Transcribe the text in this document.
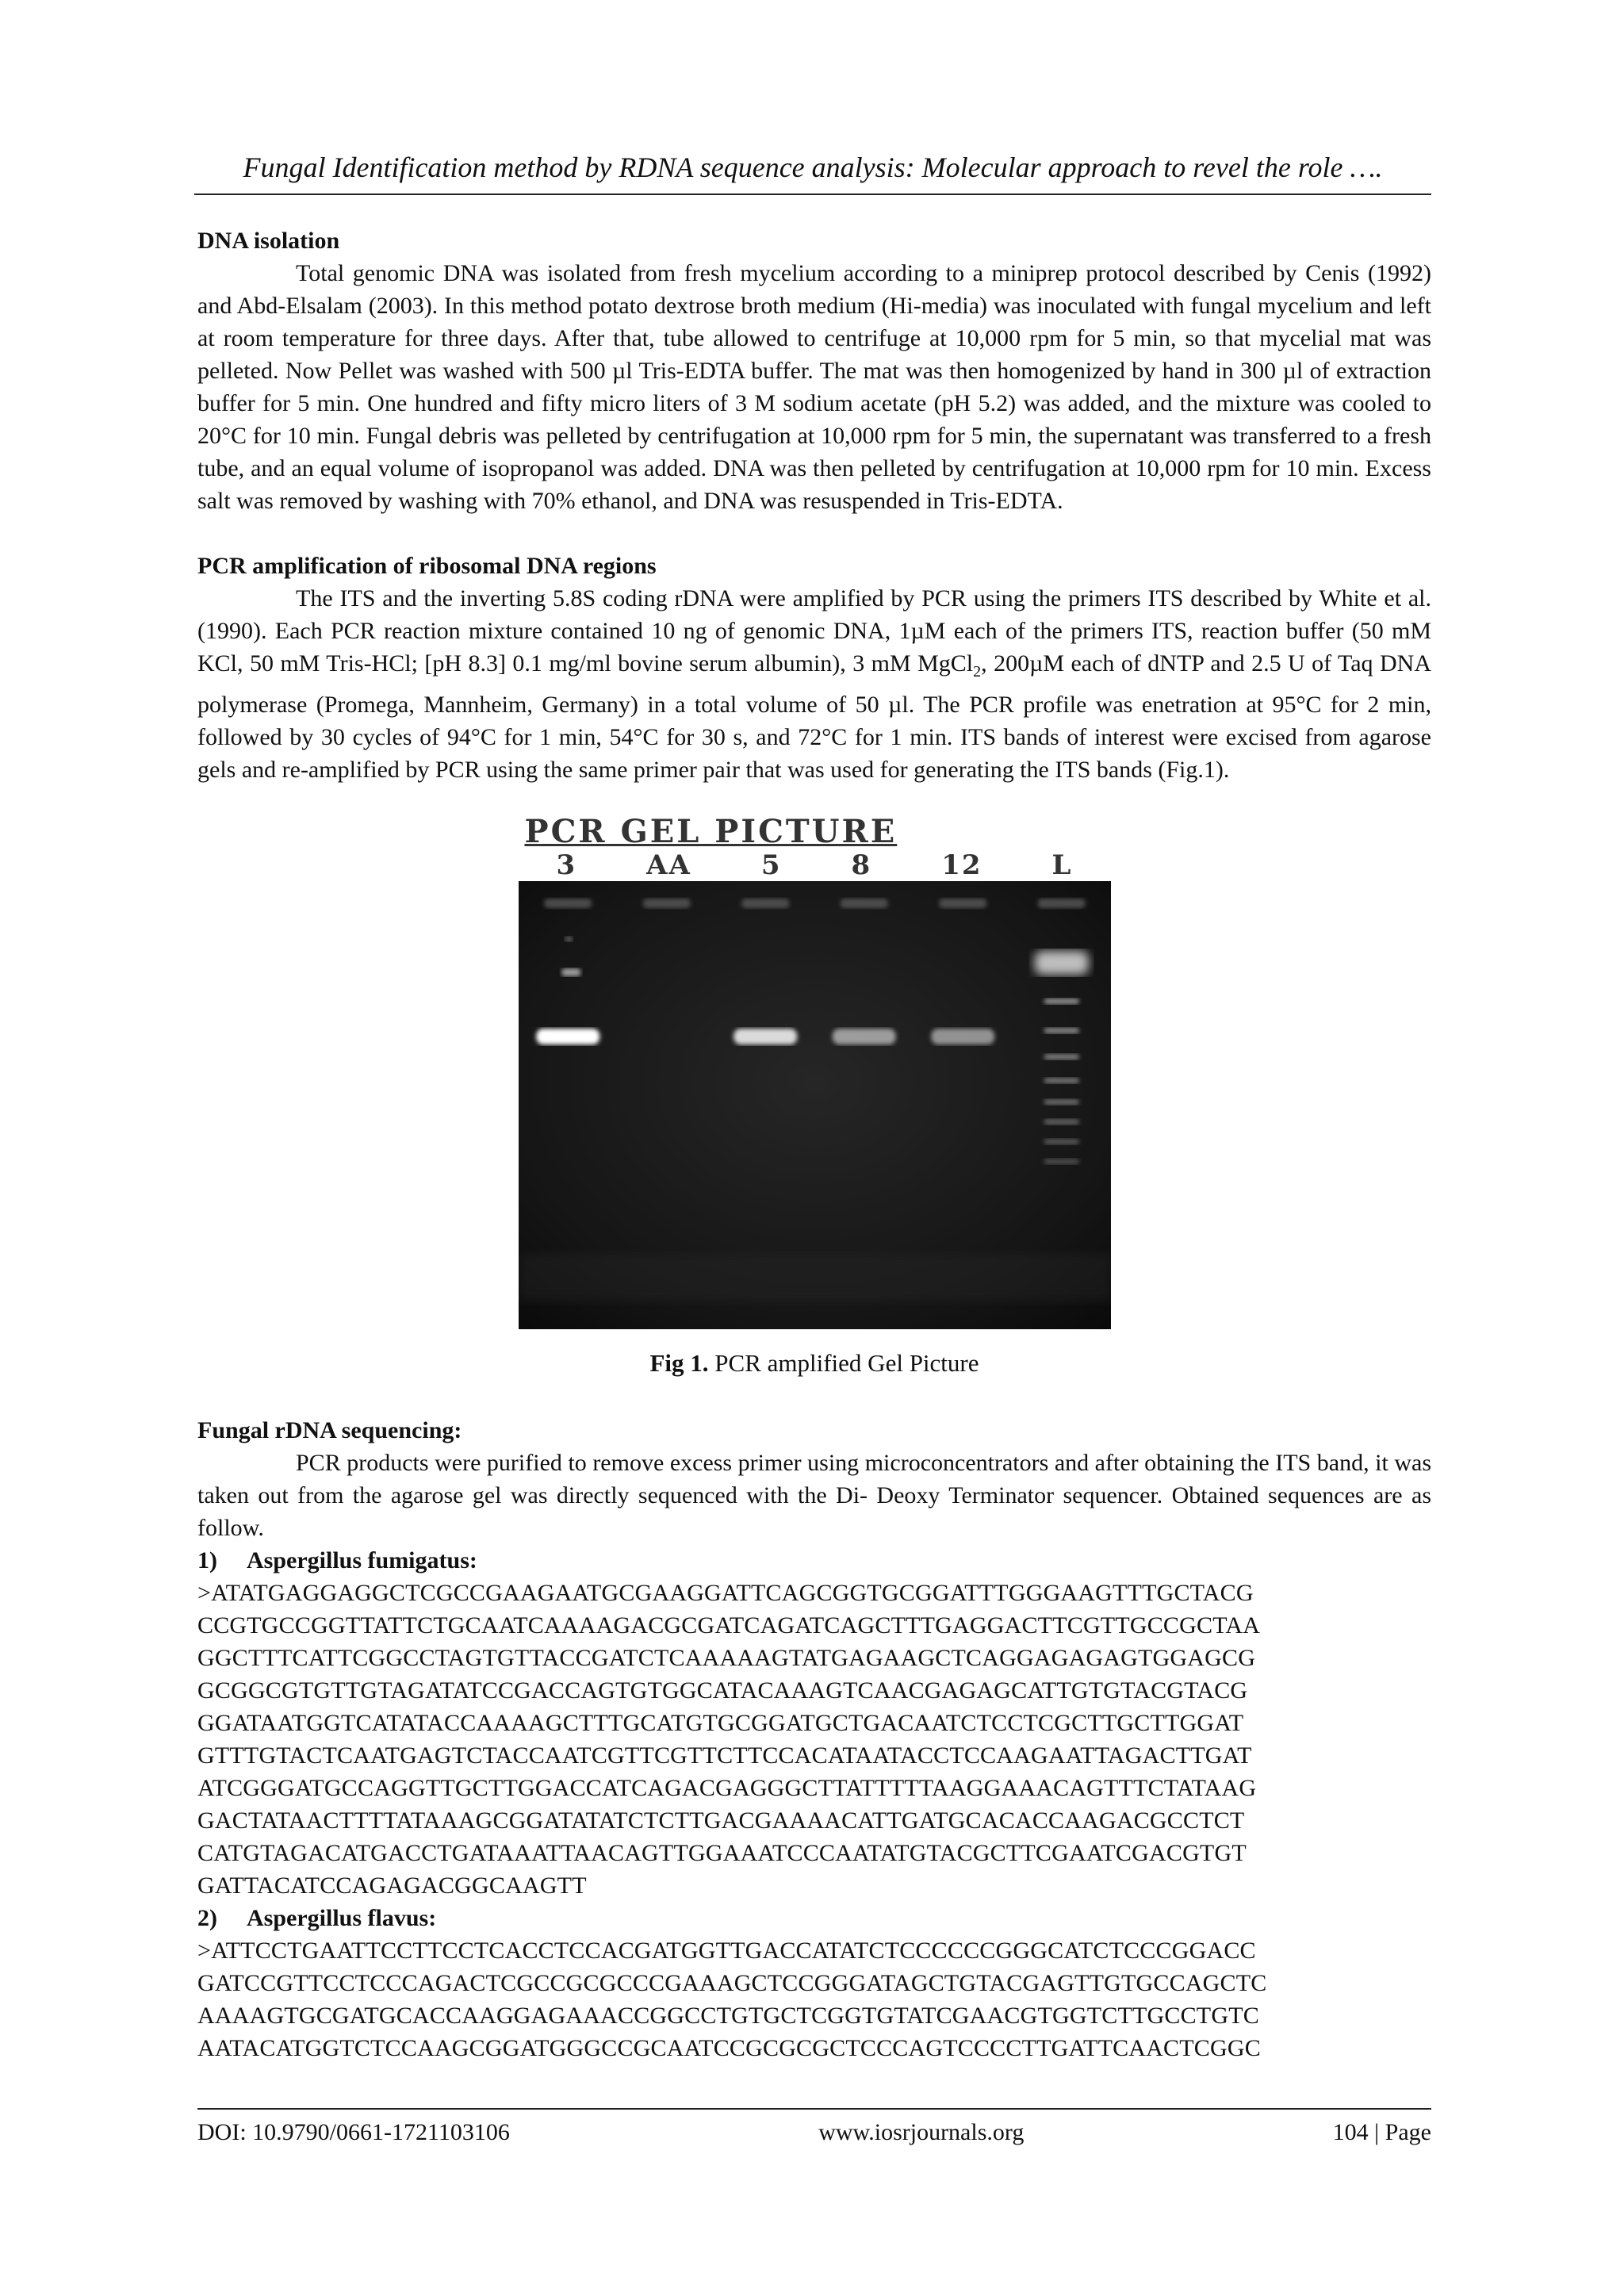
Fungal Identification method by RDNA sequence analysis: Molecular approach to revel the role ….
DNA isolation

Total genomic DNA was isolated from fresh mycelium according to a miniprep protocol described by Cenis (1992) and Abd-Elsalam (2003). In this method potato dextrose broth medium (Hi-media) was inoculated with fungal mycelium and left at room temperature for three days. After that, tube allowed to centrifuge at 10,000 rpm for 5 min, so that mycelial mat was pelleted. Now Pellet was washed with 500 µl Tris-EDTA buffer. The mat was then homogenized by hand in 300 µl of extraction buffer for 5 min. One hundred and fifty micro liters of 3 M sodium acetate (pH 5.2) was added, and the mixture was cooled to 20°C for 10 min. Fungal debris was pelleted by centrifugation at 10,000 rpm for 5 min, the supernatant was transferred to a fresh tube, and an equal volume of isopropanol was added. DNA was then pelleted by centrifugation at 10,000 rpm for 10 min. Excess salt was removed by washing with 70% ethanol, and DNA was resuspended in Tris-EDTA.

PCR amplification of ribosomal DNA regions

The ITS and the inverting 5.8S coding rDNA were amplified by PCR using the primers ITS described by White et al. (1990). Each PCR reaction mixture contained 10 ng of genomic DNA, 1µM each of the primers ITS, reaction buffer (50 mM KCl, 50 mM Tris-HCl; [pH 8.3] 0.1 mg/ml bovine serum albumin), 3 mM MgCl$_2$, 200µM each of dNTP and 2.5 U of Taq DNA polymerase (Promega, Mannheim, Germany) in a total volume of 50 µl. The PCR profile was enetration at 95°C for 2 min, followed by 30 cycles of 94°C for 1 min, 54°C for 30 s, and 72°C for 1 min. ITS bands of interest were excised from agarose gels and re-amplified by PCR using the same primer pair that was used for generating the ITS bands (Fig.1).

PCR GEL PICTURE
3	AA	5	8	12	L
Fig 1. PCR amplified Gel Picture
Fungal rDNA sequencing:

PCR products were purified to remove excess primer using microconcentrators and after obtaining the ITS band, it was taken out from the agarose gel was directly sequenced with the Di- Deoxy Terminator sequencer. Obtained sequences are as follow.

1) Aspergillus fumigatus:

>ATATGAGGAGGCTCGCCGAAGAATGCGAAGGATTCAGCGGTGCGGATTTGGGAAGTTTGCTACG

CCGTGCCGGTTATTCTGCAATCAAAAGACGCGATCAGATCAGCTTTGAGGACTTCGTTGCCGCTAA

GGCTTTCATTCGGCCTAGTGTTACCGATCTCAAAAAGTATGAGAAGCTCAGGAGAGAGTGGAGCG

GCGGCGTGTTGTAGATATCCGACCAGTGTGGCATACAAAGTCAACGAGAGCATTGTGTACGTACG

GGATAATGGTCATATACCAAAAGCTTTGCATGTGCGGATGCTGACAATCTCCTCGCTTGCTTGGAT

GTTTGTACTCAATGAGTCTACCAATCGTTCGTTCTTCCACATAATACCTCCAAGAATTAGACTTGAT

ATCGGGATGCCAGGTTGCTTGGACCATCAGACGAGGGCTTATTTTTAAGGAAACAGTTTCTATAAG

GACTATAACTTTTATAAAGCGGATATATCTCTTGACGAAAACATTGATGCACACCAAGACGCCTCT

CATGTAGACATGACCTGATAAATTAACAGTTGGAAATCCCAATATGTACGCTTCGAATCGACGTGT

GATTACATCCAGAGACGGCAAGTT

2) Aspergillus flavus:

>ATTCCTGAATTCCTTCCTCACCTCCACGATGGTTGACCATATCTCCCCCCGGGCATCTCCCGGACC

GATCCGTTCCTCCCAGACTCGCCGCGCCCGAAAGCTCCGGGATAGCTGTACGAGTTGTGCCAGCTC

AAAAGTGCGATGCACCAAGGAGAAACCGGCCTGTGCTCGGTGTATCGAACGTGGTCTTGCCTGTC

AATACATGGTCTCCAAGCGGATGGGCCGCAATCCGCGCGCTCCCAGTCCCCTTGATTCAACTCGGC

DOI: 10.9790/0661-1721103106	www.iosrjournals.org	104 | Page
